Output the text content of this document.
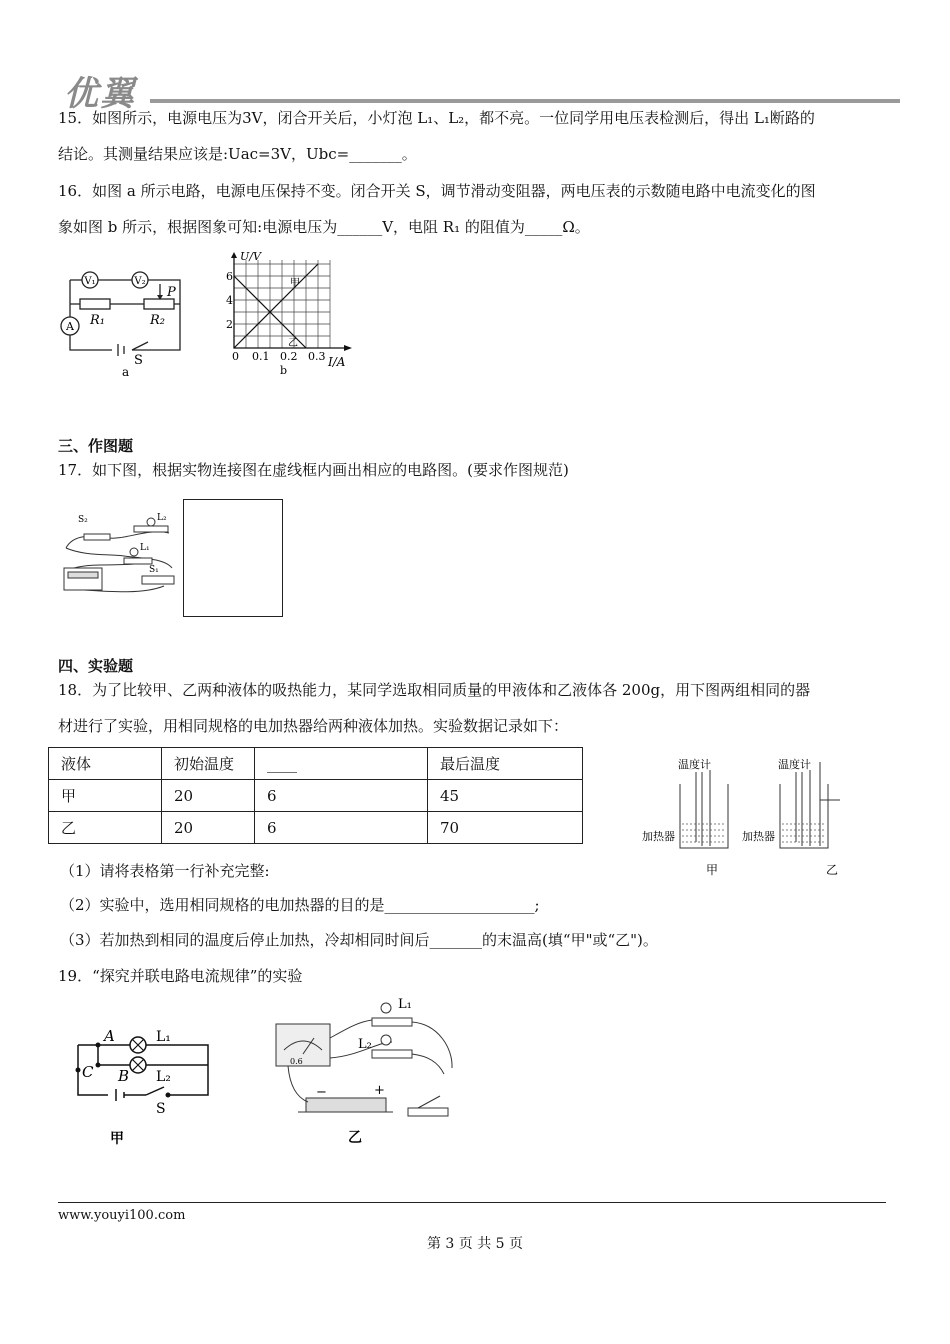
优翼
15．如图所示，电源电压为3V，闭合开关后，小灯泡 L₁、L₂，都不亮。一位同学用电压表检测后，得出 L₁断路的
结论。其测量结果应该是:Uac=3V，Ubc=_______。
16．如图 a 所示电路，电源电压保持不变。闭合开关 S，调节滑动变阻器，两电压表的示数随电路中电流变化的图
象如图 b 所示，根据图象可知:电源电压为______V，电阻 R₁ 的阻值为_____Ω。
V₁	V₂
P
R₁	R₂
A
S
a
U/V
6
4
2
0 0.1 0.2 0.3 I/A
甲
乙
b
三、作图题
17．如下图，根据实物连接图在虚线框内画出相应的电路图。(要求作图规范)
S₂	L₂
L₁
S₁
四、实验题
18．为了比较甲、乙两种液体的吸热能力，某同学选取相同质量的甲液体和乙液体各 200g，用下图两组相同的器
材进行了实验，用相同规格的电加热器给两种液体加热。实验数据记录如下：
液体	初始温度	____	最后温度
甲	20	6	45
乙	20	6	70
温度计	温度计
加热器	加热器
甲	乙
（1）请将表格第一行补充完整:
（2）实验中，选用相同规格的电加热器的目的是____________________;
（3）若加热到相同的温度后停止加热，冷却相同时间后_______的末温高(填“甲"或“乙")。
19．“探究并联电路电流规律”的实验
A
B
C
L₁
L₂
S
甲
L₁
L₂
−	+
0.6
乙
www.youyi100.com
第 3 页 共 5 页
